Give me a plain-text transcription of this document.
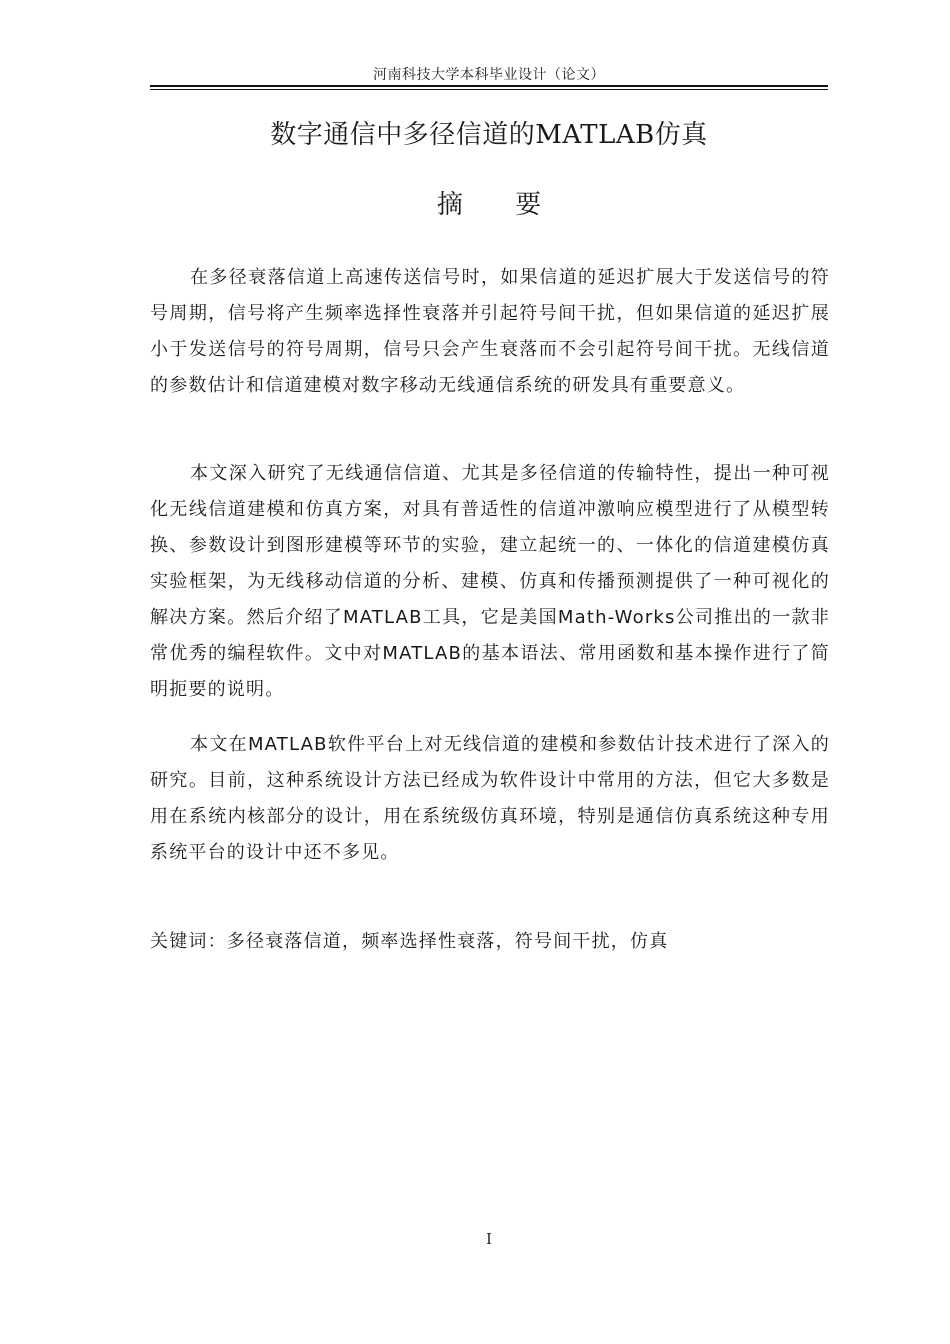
河南科技大学本科毕业设计（论文）
数字通信中多径信道的MATLAB仿真
摘 要

在多径衰落信道上高速传送信号时，如果信道的延迟扩展大于发送信号的符号周期，信号将产生频率选择性衰落并引起符号间干扰，但如果信道的延迟扩展小于发送信号的符号周期，信号只会产生衰落而不会引起符号间干扰。无线信道的参数估计和信道建模对数字移动无线通信系统的研发具有重要意义。

本文深入研究了无线通信信道、尤其是多径信道的传输特性，提出一种可视化无线信道建模和仿真方案，对具有普适性的信道冲激响应模型进行了从模型转换、参数设计到图形建模等环节的实验，建立起统一的、一体化的信道建模仿真实验框架，为无线移动信道的分析、建模、仿真和传播预测提供了一种可视化的解决方案。然后介绍了MATLAB工具，它是美国Math-Works公司推出的一款非常优秀的编程软件。文中对MATLAB的基本语法、常用函数和基本操作进行了简明扼要的说明。

本文在MATLAB软件平台上对无线信道的建模和参数估计技术进行了深入的研究。目前，这种系统设计方法已经成为软件设计中常用的方法，但它大多数是用在系统内核部分的设计，用在系统级仿真环境，特别是通信仿真系统这种专用系统平台的设计中还不多见。

关键词：多径衰落信道，频率选择性衰落，符号间干扰，仿真
I
